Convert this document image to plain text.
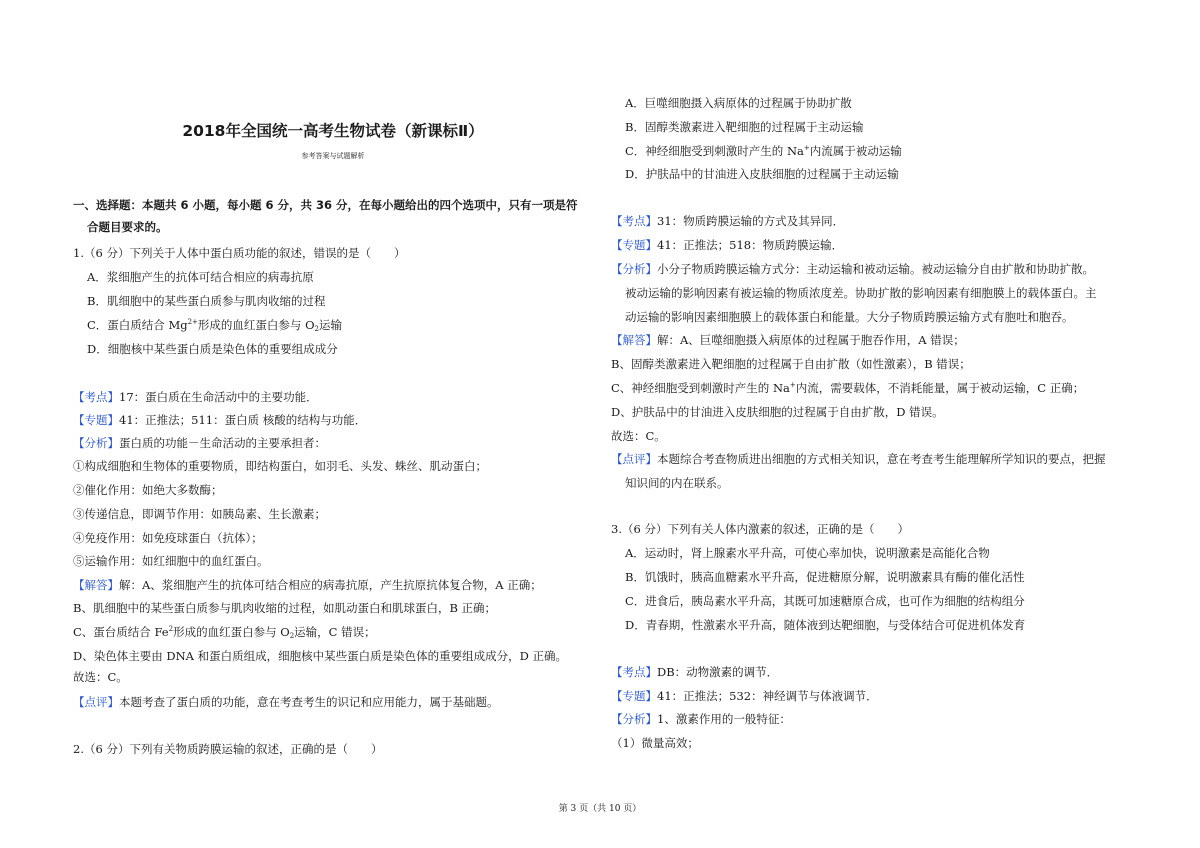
2018年全国统一高考生物试卷（新课标Ⅱ）
参考答案与试题解析
一、选择题：本题共 6 小题，每小题 6 分，共 36 分，在每小题给出的四个选项中，只有一项是符
合题目要求的。
1.（6 分）下列关于人体中蛋白质功能的叙述，错误的是（　　）
A．浆细胞产生的抗体可结合相应的病毒抗原
B．肌细胞中的某些蛋白质参与肌肉收缩的过程
C．蛋白质结合 $Mg^{2+}$形成的血红蛋白参与 $O_2$运输
D．细胞核中某些蛋白质是染色体的重要组成成分
【考点】17：蛋白质在生命活动中的主要功能．
【专题】41：正推法；511：蛋白质 核酸的结构与功能．
【分析】蛋白质的功能－生命活动的主要承担者：
①构成细胞和生物体的重要物质，即结构蛋白，如羽毛、头发、蛛丝、肌动蛋白；
②催化作用：如绝大多数酶；
③传递信息，即调节作用：如胰岛素、生长激素；
④免疫作用：如免疫球蛋白（抗体）；
⑤运输作用：如红细胞中的血红蛋白。
【解答】解：A、浆细胞产生的抗体可结合相应的病毒抗原，产生抗原抗体复合物，A 正确；
B、肌细胞中的某些蛋白质参与肌肉收缩的过程，如肌动蛋白和肌球蛋白，B 正确；
C、蛋台质结合 Fe$^2$形成的血红蛋白参与 $O_2$运输，C 错误；
D、染色体主要由 DNA 和蛋白质组成，细胞核中某些蛋白质是染色体的重要组成成分，D 正确。
故选：C。
【点评】本题考查了蛋白质的功能，意在考查考生的识记和应用能力，属于基础题。
2.（6 分）下列有关物质跨膜运输的叙述，正确的是（　　）
A．巨噬细胞摄入病原体的过程属于协助扩散
B．固醇类激素进入靶细胞的过程属于主动运输
C．神经细胞受到刺激时产生的 Na+内流属于被动运输
D．护肤品中的甘油进入皮肤细胞的过程属于主动运输
【考点】31：物质跨膜运输的方式及其异同．
【专题】41：正推法；518：物质跨膜运输．
【分析】小分子物质跨膜运输方式分：主动运输和被动运输。被动运输分自由扩散和协助扩散。
被动运输的影响因素有被运输的物质浓度差。协助扩散的影响因素有细胞膜上的载体蛋白。主
动运输的影响因素细胞膜上的载体蛋白和能量。大分子物质跨膜运输方式有胞吐和胞吞。
【解答】解：A、巨噬细胞摄入病原体的过程属于胞吞作用，A 错误；
B、固醇类激素进入靶细胞的过程属于自由扩散（如性激素），B 错误；
C、神经细胞受到刺激时产生的 Na+内流，需要载体，不消耗能量，属于被动运输，C 正确；
D、护肤品中的甘油进入皮肤细胞的过程属于自由扩散，D 错误。
故选：C。
【点评】本题综合考查物质进出细胞的方式相关知识，意在考查考生能理解所学知识的要点，把握
知识间的内在联系。
3.（6 分）下列有关人体内激素的叙述，正确的是（　　）
A．运动时，肾上腺素水平升高，可使心率加快，说明激素是高能化合物
B．饥饿时，胰高血糖素水平升高，促进糖原分解，说明激素具有酶的催化活性
C．进食后，胰岛素水平升高，其既可加速糖原合成，也可作为细胞的结构组分
D．青春期，性激素水平升高，随体液到达靶细胞，与受体结合可促进机体发育
【考点】DB：动物激素的调节．
【专题】41：正推法；532：神经调节与体液调节．
【分析】1、激素作用的一般特征：
（1）微量高效；
第 3 页（共 10 页）
